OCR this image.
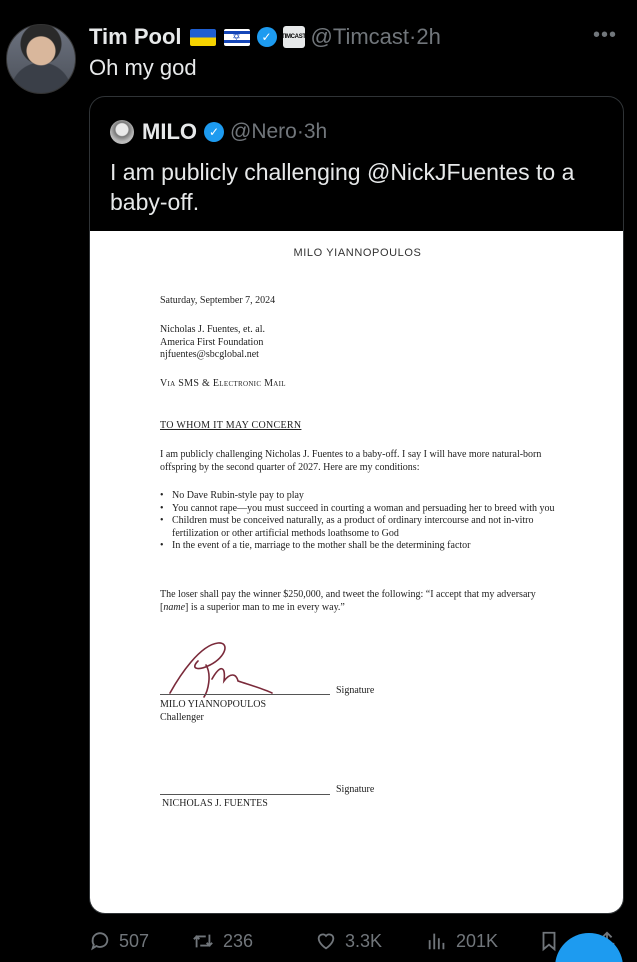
Tim Pool
✡	✓	TIMCAST @Timcast·2h	•••
Oh my god
MILO ✓ @Nero·3h
I am publicly challenging @NickJFuentes to a baby-off.
MILO YIANNOPOULOS
Saturday, September 7, 2024
Nicholas J. Fuentes, et. al.
America First Foundation
njfuentes@sbcglobal.net
Via SMS & Electronic Mail
TO WHOM IT MAY CONCERN
I am publicly challenging Nicholas J. Fuentes to a baby-off. I say I will have more natural-born offspring by the second quarter of 2027. Here are my conditions:
• No Dave Rubin-style pay to play
• You cannot rape—you must succeed in courting a woman and persuading her to breed with you
• Children must be conceived naturally, as a product of ordinary intercourse and not in-vitro fertilization or other artificial methods loathsome to God
• In the event of a tie, marriage to the mother shall be the determining factor
The loser shall pay the winner $250,000, and tweet the following: “I accept that my adversary [name] is a superior man to me in every way.”
Signature
MILO YIANNOPOULOS
Challenger
Signature
NICHOLAS J. FUENTES
507	236	3.3K	201K
